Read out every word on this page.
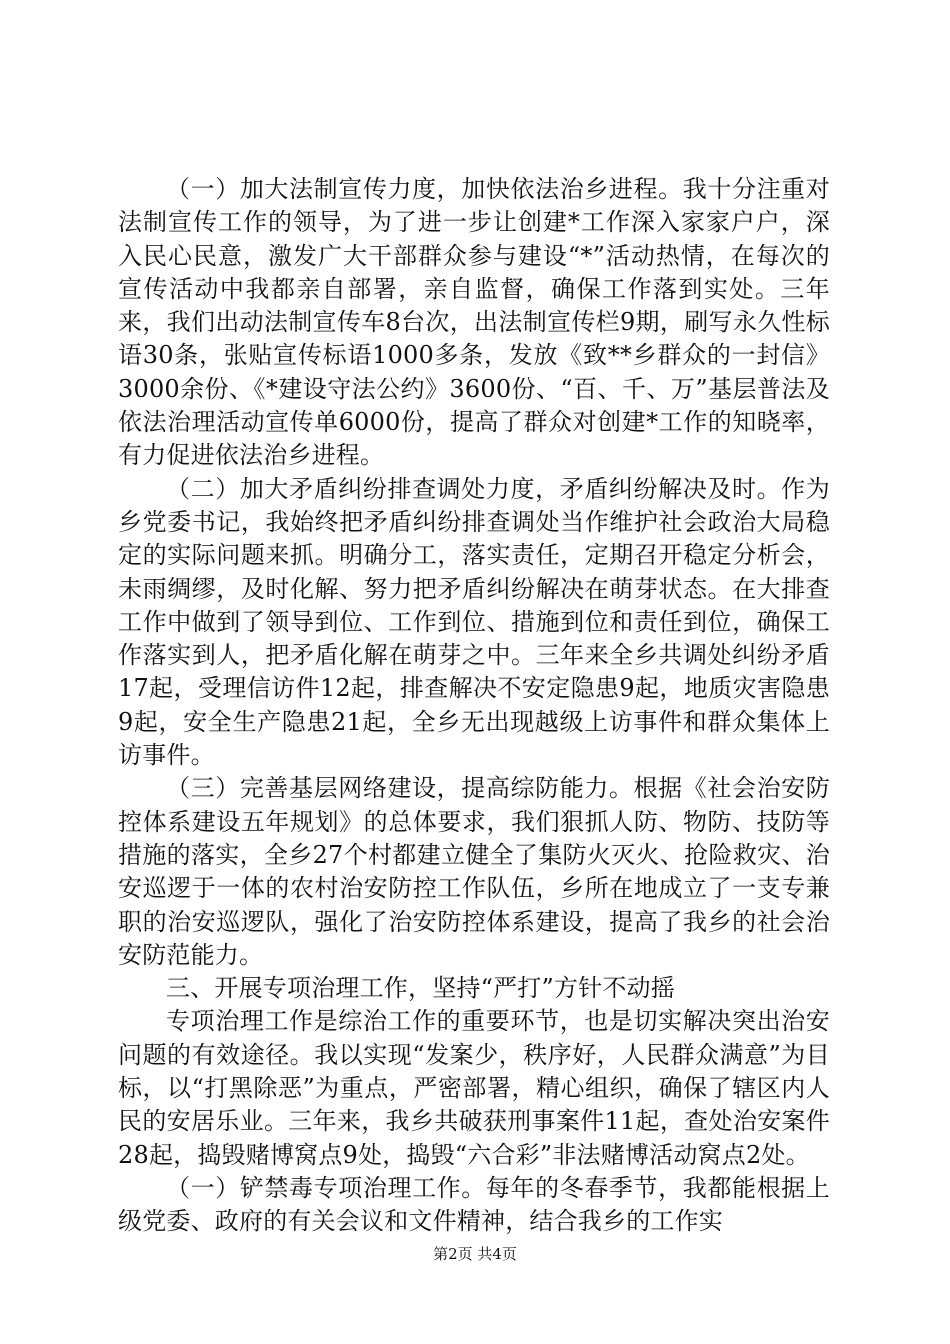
（一）加大法制宣传力度，加快依法治乡进程。我十分注重对法制宣传工作的领导，为了进一步让创建*工作深入家家户户，深入民心民意，激发广大干部群众参与建设“*”活动热情，在每次的宣传活动中我都亲自部署，亲自监督，确保工作落到实处。三年来，我们出动法制宣传车8台次，出法制宣传栏9期，刷写永久性标语30条，张贴宣传标语1000多条，发放《致**乡群众的一封信》3000余份、《*建设守法公约》3600份、“百、千、万”基层普法及依法治理活动宣传单6000份，提高了群众对创建*工作的知晓率，有力促进依法治乡进程。

（二）加大矛盾纠纷排查调处力度，矛盾纠纷解决及时。作为乡党委书记，我始终把矛盾纠纷排查调处当作维护社会政治大局稳定的实际问题来抓。明确分工，落实责任，定期召开稳定分析会，未雨绸缪，及时化解、努力把矛盾纠纷解决在萌芽状态。在大排查工作中做到了领导到位、工作到位、措施到位和责任到位，确保工作落实到人，把矛盾化解在萌芽之中。三年来全乡共调处纠纷矛盾17起，受理信访件12起，排查解决不安定隐患9起，地质灾害隐患9起，安全生产隐患21起，全乡无出现越级上访事件和群众集体上访事件。

（三）完善基层网络建设，提高综防能力。根据《社会治安防控体系建设五年规划》的总体要求，我们狠抓人防、物防、技防等措施的落实，全乡27个村都建立健全了集防火灭火、抢险救灾、治安巡逻于一体的农村治安防控工作队伍，乡所在地成立了一支专兼职的治安巡逻队，强化了治安防控体系建设，提高了我乡的社会治安防范能力。

三、开展专项治理工作，坚持“严打”方针不动摇

专项治理工作是综治工作的重要环节，也是切实解决突出治安问题的有效途径。我以实现“发案少，秩序好，人民群众满意”为目标，以“打黑除恶”为重点，严密部署，精心组织，确保了辖区内人民的安居乐业。三年来，我乡共破获刑事案件11起，查处治安案件28起，捣毁赌博窝点9处，捣毁“六合彩”非法赌博活动窝点2处。

（一）铲禁毒专项治理工作。每年的冬春季节，我都能根据上级党委、政府的有关会议和文件精神，结合我乡的工作实

第2页 共4页
